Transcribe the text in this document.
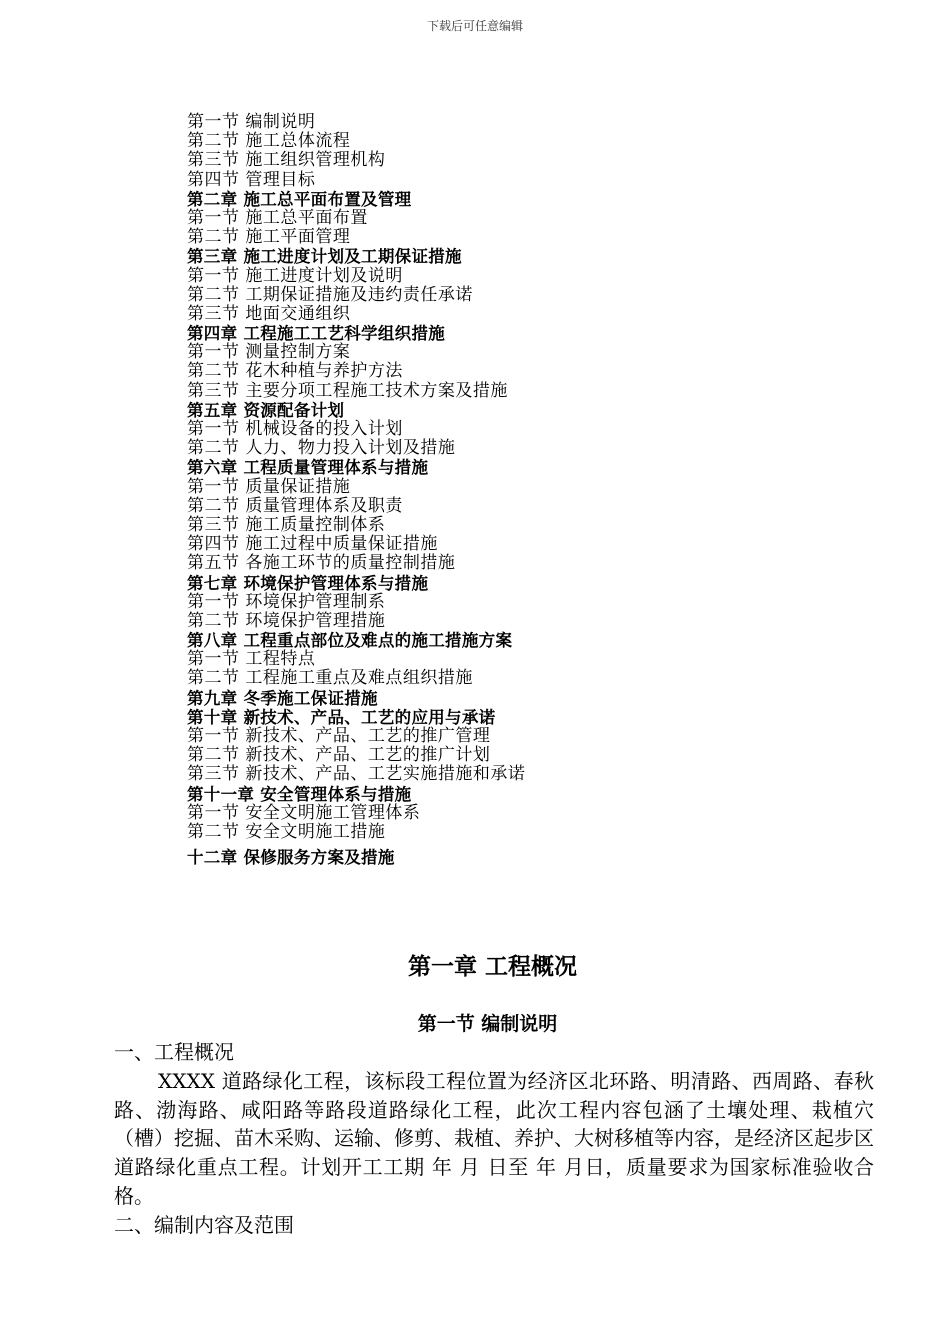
下载后可任意编辑
第一节 编制说明
第二节 施工总体流程
第三节 施工组织管理机构
第四节 管理目标
第二章 施工总平面布置及管理
第一节 施工总平面布置
第二节 施工平面管理
第三章 施工进度计划及工期保证措施
第一节 施工进度计划及说明
第二节 工期保证措施及违约责任承诺
第三节 地面交通组织
第四章 工程施工工艺科学组织措施
第一节 测量控制方案
第二节 花木种植与养护方法
第三节 主要分项工程施工技术方案及措施
第五章 资源配备计划
第一节 机械设备的投入计划
第二节 人力、物力投入计划及措施
第六章 工程质量管理体系与措施
第一节 质量保证措施
第二节 质量管理体系及职责
第三节 施工质量控制体系
第四节 施工过程中质量保证措施
第五节 各施工环节的质量控制措施
第七章 环境保护管理体系与措施
第一节 环境保护管理制系
第二节 环境保护管理措施
第八章 工程重点部位及难点的施工措施方案
第一节 工程特点
第二节 工程施工重点及难点组织措施
第九章 冬季施工保证措施
第十章 新技术、产品、工艺的应用与承诺
第一节 新技术、产品、工艺的推广管理
第二节 新技术、产品、工艺的推广计划
第三节 新技术、产品、工艺实施措施和承诺
第十一章 安全管理体系与措施
第一节 安全文明施工管理体系
第二节 安全文明施工措施
十二章 保修服务方案及措施
第一章 工程概况
第一节 编制说明

一、工程概况

XXXX 道路绿化工程，该标段工程位置为经济区北环路、明清路、西周路、春秋路、渤海路、咸阳路等路段道路绿化工程，此次工程内容包涵了土壤处理、栽植穴（槽）挖掘、苗木采购、运输、修剪、栽植、养护、大树移植等内容，是经济区起步区道路绿化重点工程。计划开工工期 年 月 日至 年 月日，质量要求为国家标准验收合格。

二、编制内容及范围
